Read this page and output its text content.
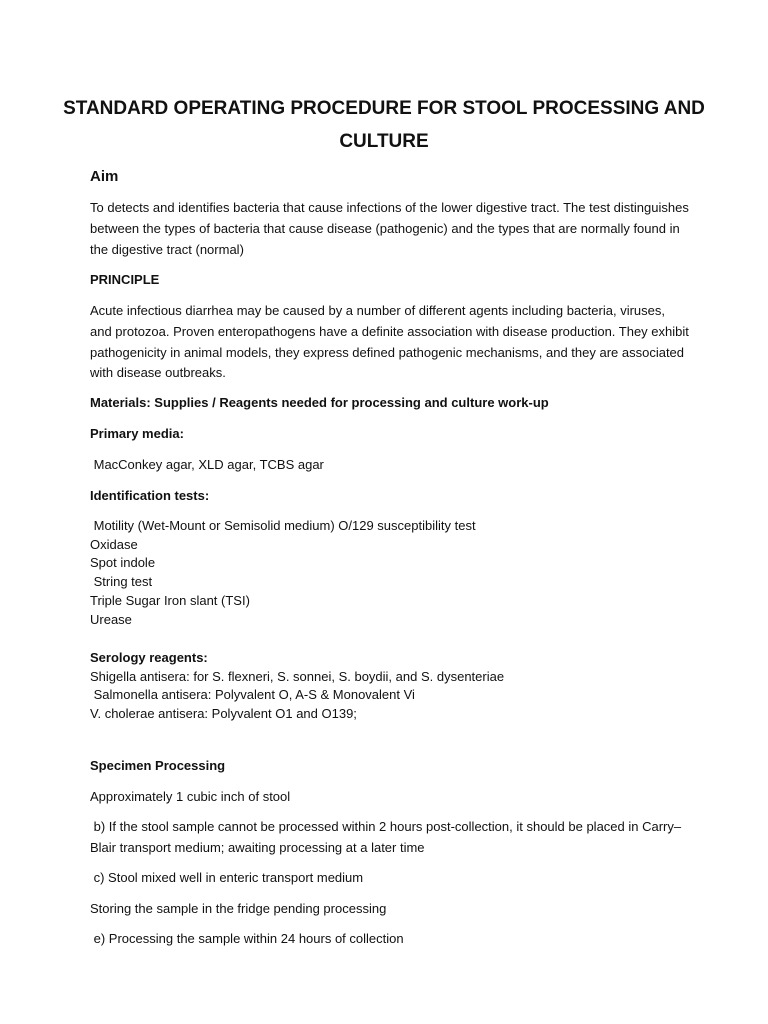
STANDARD OPERATING PROCEDURE FOR STOOL PROCESSING AND CULTURE
Aim
To detects and identifies bacteria that cause infections of the lower digestive tract. The test distinguishes between the types of bacteria that cause disease (pathogenic) and the types that are normally found in the digestive tract (normal)
PRINCIPLE
Acute infectious diarrhea may be caused by a number of different agents including bacteria, viruses, and protozoa. Proven enteropathogens have a definite association with disease production. They exhibit pathogenicity in animal models, they express defined pathogenic mechanisms, and they are associated with disease outbreaks.
Materials: Supplies / Reagents needed for processing and culture work-up
Primary media:
MacConkey agar, XLD agar, TCBS agar
Identification tests:
Motility (Wet-Mount or Semisolid medium) O/129 susceptibility test
Oxidase
Spot indole
String test
Triple Sugar Iron slant (TSI)
Urease
Serology reagents:
Shigella antisera: for S. flexneri, S. sonnei, S. boydii, and S. dysenteriae
Salmonella antisera: Polyvalent O, A-S & Monovalent Vi
V. cholerae antisera: Polyvalent O1 and O139;
Specimen Processing
Approximately 1 cubic inch of stool
b) If the stool sample cannot be processed within 2 hours post-collection, it should be placed in Carry– Blair transport medium; awaiting processing at a later time
c) Stool mixed well in enteric transport medium
Storing the sample in the fridge pending processing
e) Processing the sample within 24 hours of collection
